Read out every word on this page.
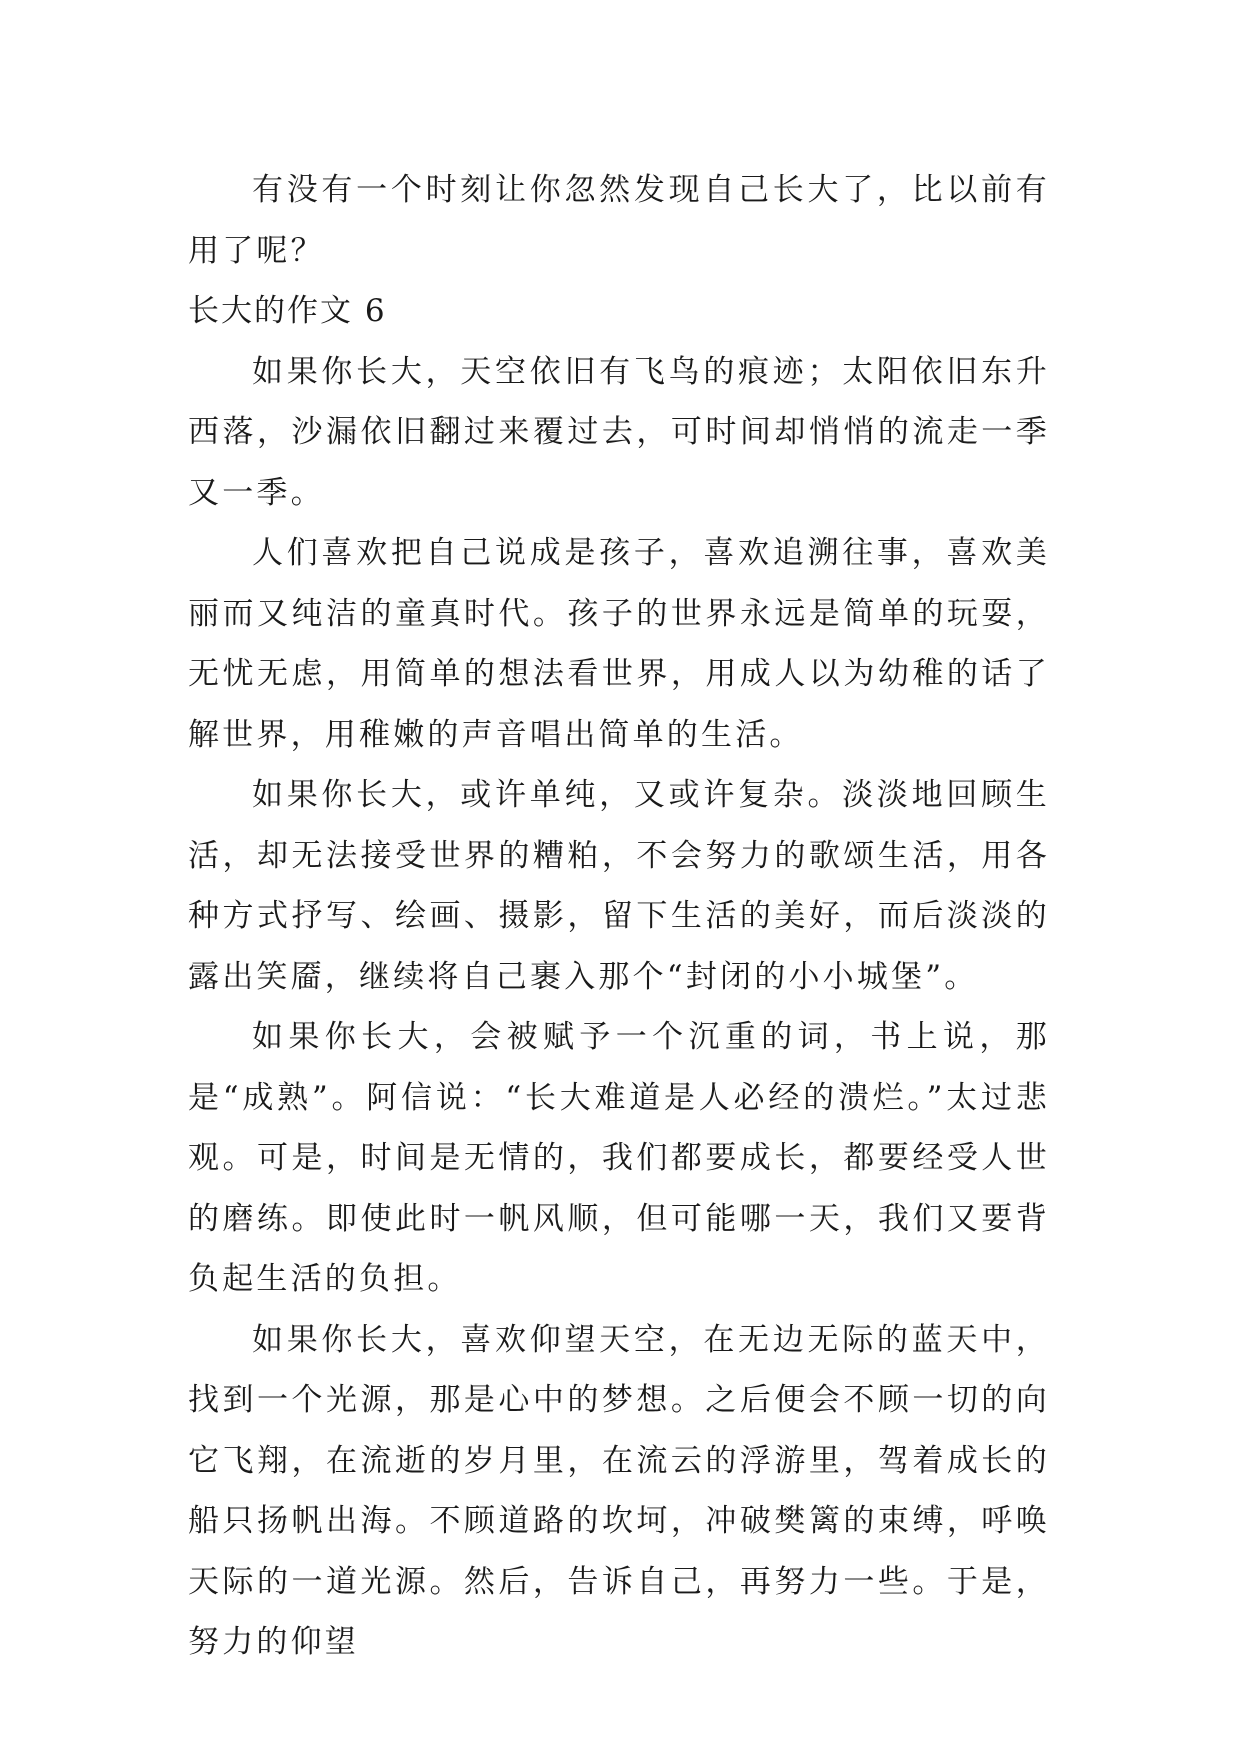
有没有一个时刻让你忽然发现自己长大了，比以前有用了呢？

长大的作文 6

如果你长大，天空依旧有飞鸟的痕迹；太阳依旧东升西落，沙漏依旧翻过来覆过去，可时间却悄悄的流走一季又一季。

人们喜欢把自己说成是孩子，喜欢追溯往事，喜欢美丽而又纯洁的童真时代。孩子的世界永远是简单的玩耍，无忧无虑，用简单的想法看世界，用成人以为幼稚的话了解世界，用稚嫩的声音唱出简单的生活。

如果你长大，或许单纯，又或许复杂。淡淡地回顾生活，却无法接受世界的糟粕，不会努力的歌颂生活，用各种方式抒写、绘画、摄影，留下生活的美好，而后淡淡的露出笑靥，继续将自己裹入那个“封闭的小小城堡”。

如果你长大，会被赋予一个沉重的词，书上说，那是“成熟”。阿信说：“长大难道是人必经的溃烂。”太过悲观。可是，时间是无情的，我们都要成长，都要经受人世的磨练。即使此时一帆风顺，但可能哪一天，我们又要背负起生活的负担。

如果你长大，喜欢仰望天空，在无边无际的蓝天中，找到一个光源，那是心中的梦想。之后便会不顾一切的向它飞翔，在流逝的岁月里，在流云的浮游里，驾着成长的船只扬帆出海。不顾道路的坎坷，冲破樊篱的束缚，呼唤天际的一道光源。然后，告诉自己，再努力一些。于是，努力的仰望
